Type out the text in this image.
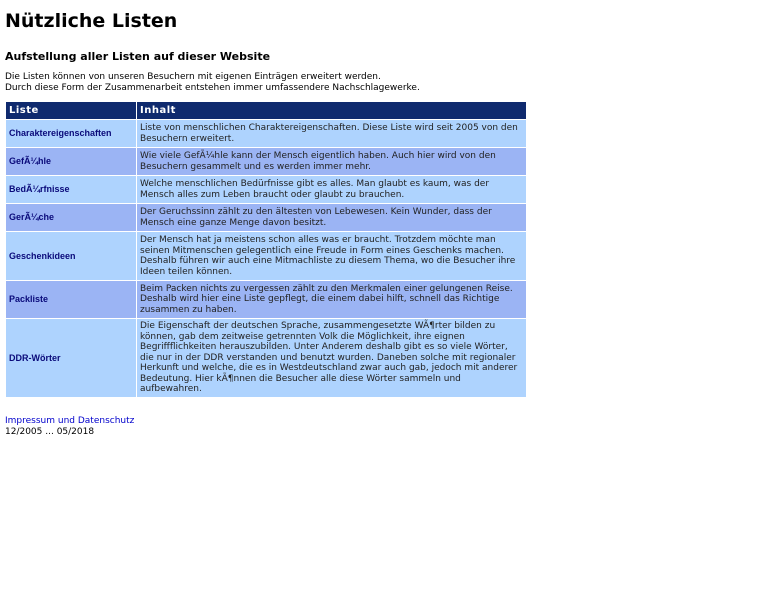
Nützliche Listen
Aufstellung aller Listen auf dieser Website
Die Listen können von unseren Besuchern mit eigenen Einträgen erweitert werden.
Durch diese Form der Zusammenarbeit entstehen immer umfassendere Nachschlagewerke.
Liste	Inhalt
Charaktereigenschaften	Liste von menschlichen Charaktereigenschaften. Diese Liste wird seit 2005 von den Besuchern erweitert.
GefÃ¼hle	Wie viele GefÃ¼hle kann der Mensch eigentlich haben. Auch hier wird von den Besuchern gesammelt und es werden immer mehr.
BedÃ¼rfnisse	Welche menschlichen Bedürfnisse gibt es alles. Man glaubt es kaum, was der Mensch alles zum Leben braucht oder glaubt zu brauchen.
GerÃ¼che	Der Geruchssinn zählt zu den ältesten von Lebewesen. Kein Wunder, dass der Mensch eine ganze Menge davon besitzt.
Geschenkideen	Der Mensch hat ja meistens schon alles was er braucht. Trotzdem möchte man seinen Mitmenschen gelegentlich eine Freude in Form eines Geschenks machen. Deshalb führen wir auch eine Mitmachliste zu diesem Thema, wo die Besucher ihre Ideen teilen können.
Packliste	Beim Packen nichts zu vergessen zählt zu den Merkmalen einer gelungenen Reise. Deshalb wird hier eine Liste gepflegt, die einem dabei hilft, schnell das Richtige zusammen zu haben.
DDR-Wörter	Die Eigenschaft der deutschen Sprache, zusammengesetzte WÃ¶rter bilden zu können, gab dem zeitweise getrennten Volk die Möglichkeit, ihre eignen Begriffflichkeiten herauszubilden. Unter Anderem deshalb gibt es so viele Wörter, die nur in der DDR verstanden und benutzt wurden. Daneben solche mit regionaler Herkunft und welche, die es in Westdeutschland zwar auch gab, jedoch mit anderer Bedeutung. Hier kÃ¶nnen die Besucher alle diese Wörter sammeln und aufbewahren.
Impressum und Datenschutz
12/2005 ... 05/2018
